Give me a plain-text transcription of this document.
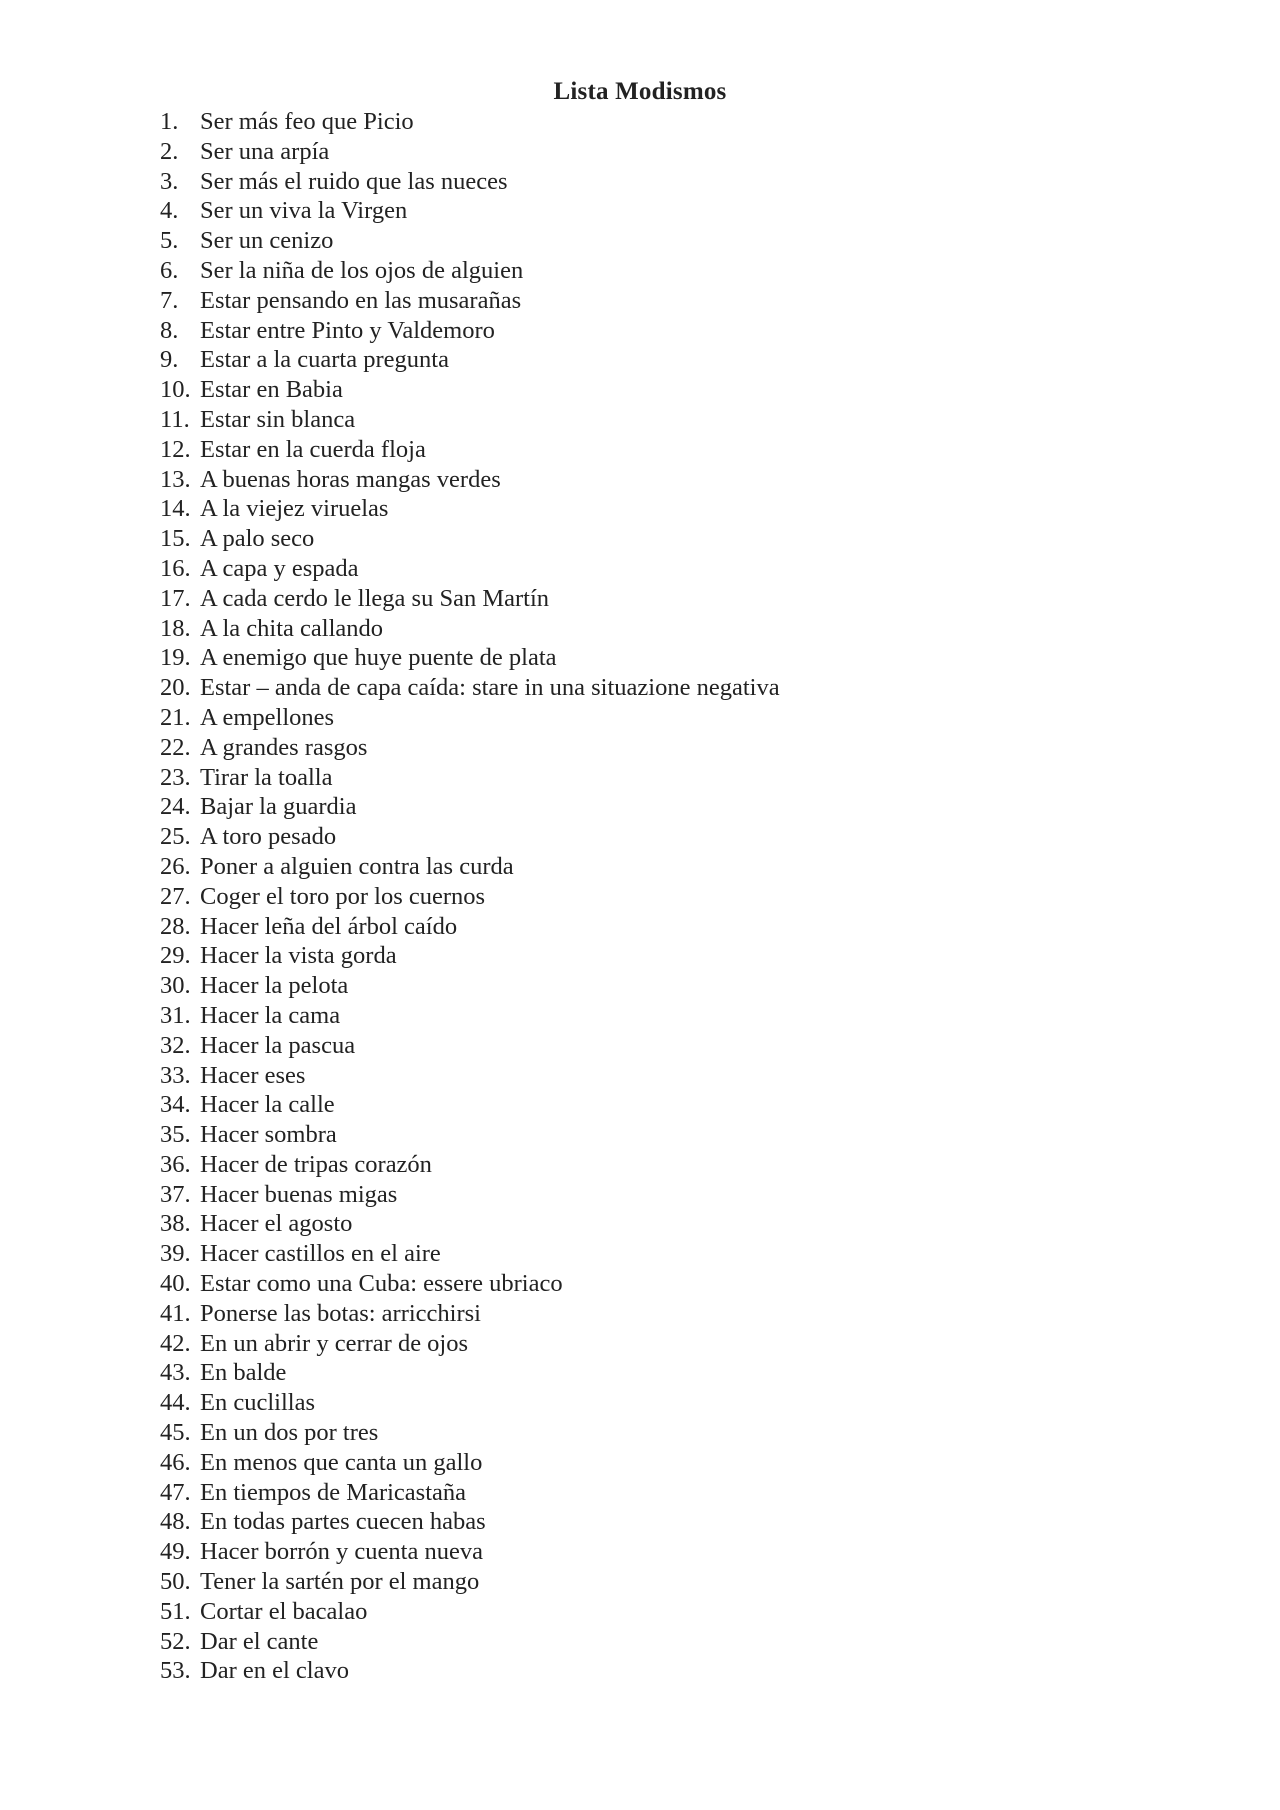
Lista Modismos
1. Ser más feo que Picio
2. Ser una arpía
3. Ser más el ruido que las nueces
4. Ser un viva la Virgen
5. Ser un cenizo
6. Ser la niña de los ojos de alguien
7. Estar pensando en las musarañas
8. Estar entre Pinto y Valdemoro
9. Estar a la cuarta pregunta
10. Estar en Babia
11. Estar sin blanca
12. Estar en la cuerda floja
13. A buenas horas mangas verdes
14. A la viejez viruelas
15. A palo seco
16. A capa y espada
17. A cada cerdo le llega su San Martín
18. A la chita callando
19. A enemigo que huye puente de plata
20. Estar – anda de capa caída: stare in una situazione negativa
21. A empellones
22. A grandes rasgos
23. Tirar la toalla
24. Bajar la guardia
25. A toro pesado
26. Poner a alguien contra las curda
27. Coger el toro por los cuernos
28. Hacer leña del árbol caído
29. Hacer la vista gorda
30. Hacer la pelota
31. Hacer la cama
32. Hacer la pascua
33. Hacer eses
34. Hacer la calle
35. Hacer sombra
36. Hacer de tripas corazón
37. Hacer buenas migas
38. Hacer el agosto
39. Hacer castillos en el aire
40. Estar como una Cuba: essere ubriaco
41. Ponerse las botas: arricchirsi
42. En un abrir y cerrar de ojos
43. En balde
44. En cuclillas
45. En un dos por tres
46. En menos que canta un gallo
47. En tiempos de Maricastaña
48. En todas partes cuecen habas
49. Hacer borrón y cuenta nueva
50. Tener la sartén por el mango
51. Cortar el bacalao
52. Dar el cante
53. Dar en el clavo
